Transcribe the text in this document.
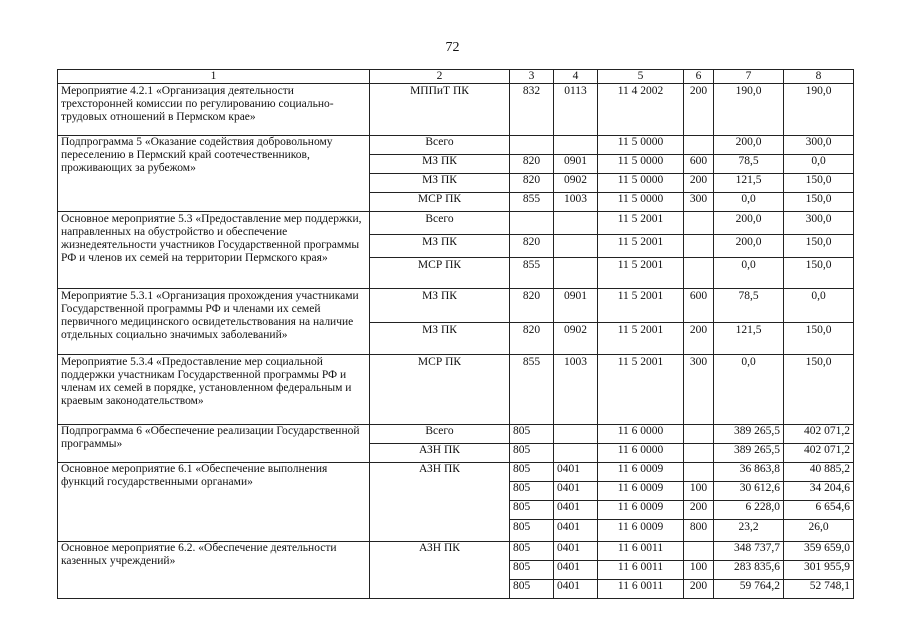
72
1	2	3	4	5	6	7	8
Мероприятие 4.2.1 «Организация деятельности трехсторонней комиссии по регулированию социально-трудовых отношений в Пермском крае»	МППиТ ПК	832	0113	11 4 2002	200	190,0	190,0
Подпрограмма 5 «Оказание содействия добровольному переселению в Пермский край соотечественников, проживающих за рубежом»	Всего			11 5 0000		200,0	300,0
	МЗ ПК	820	0901	11 5 0000	600	78,5	0,0
	МЗ ПК	820	0902	11 5 0000	200	121,5	150,0
	МСР ПК	855	1003	11 5 0000	300	0,0	150,0
Основное мероприятие 5.3 «Предоставление мер поддержки, направленных на обустройство и обеспечение жизнедеятельности участников Государственной программы РФ и членов их семей на территории Пермского края»	Всего			11 5 2001		200,0	300,0
	МЗ ПК	820		11 5 2001		200,0	150,0
	МСР ПК	855		11 5 2001		0,0	150,0
Мероприятие 5.3.1 «Организация прохождения участниками Государственной программы РФ и членами их семей первичного медицинского освидетельствования на наличие отдельных социально значимых заболеваний»	МЗ ПК	820	0901	11 5 2001	600	78,5	0,0
	МЗ ПК	820	0902	11 5 2001	200	121,5	150,0
Мероприятие 5.3.4 «Предоставление мер социальной поддержки участникам Государственной программы РФ и членам их семей в порядке, установленном федеральным и краевым законодательством»	МСР ПК	855	1003	11 5 2001	300	0,0	150,0
Подпрограмма 6 «Обеспечение реализации Государственной программы»	Всего	805		11 6 0000		389 265,5	402 071,2
	АЗН ПК	805		11 6 0000		389 265,5	402 071,2
Основное мероприятие 6.1 «Обеспечение выполнения функций государственными органами»	АЗН ПК	805	0401	11 6 0009		36 863,8	40 885,2
		805	0401	11 6 0009	100	30 612,6	34 204,6
		805	0401	11 6 0009	200	6 228,0	6 654,6
		805	0401	11 6 0009	800	23,2	26,0
Основное мероприятие 6.2. «Обеспечение деятельности казенных учреждений»	АЗН ПК	805	0401	11 6 0011		348 737,7	359 659,0
		805	0401	11 6 0011	100	283 835,6	301 955,9
		805	0401	11 6 0011	200	59 764,2	52 748,1
